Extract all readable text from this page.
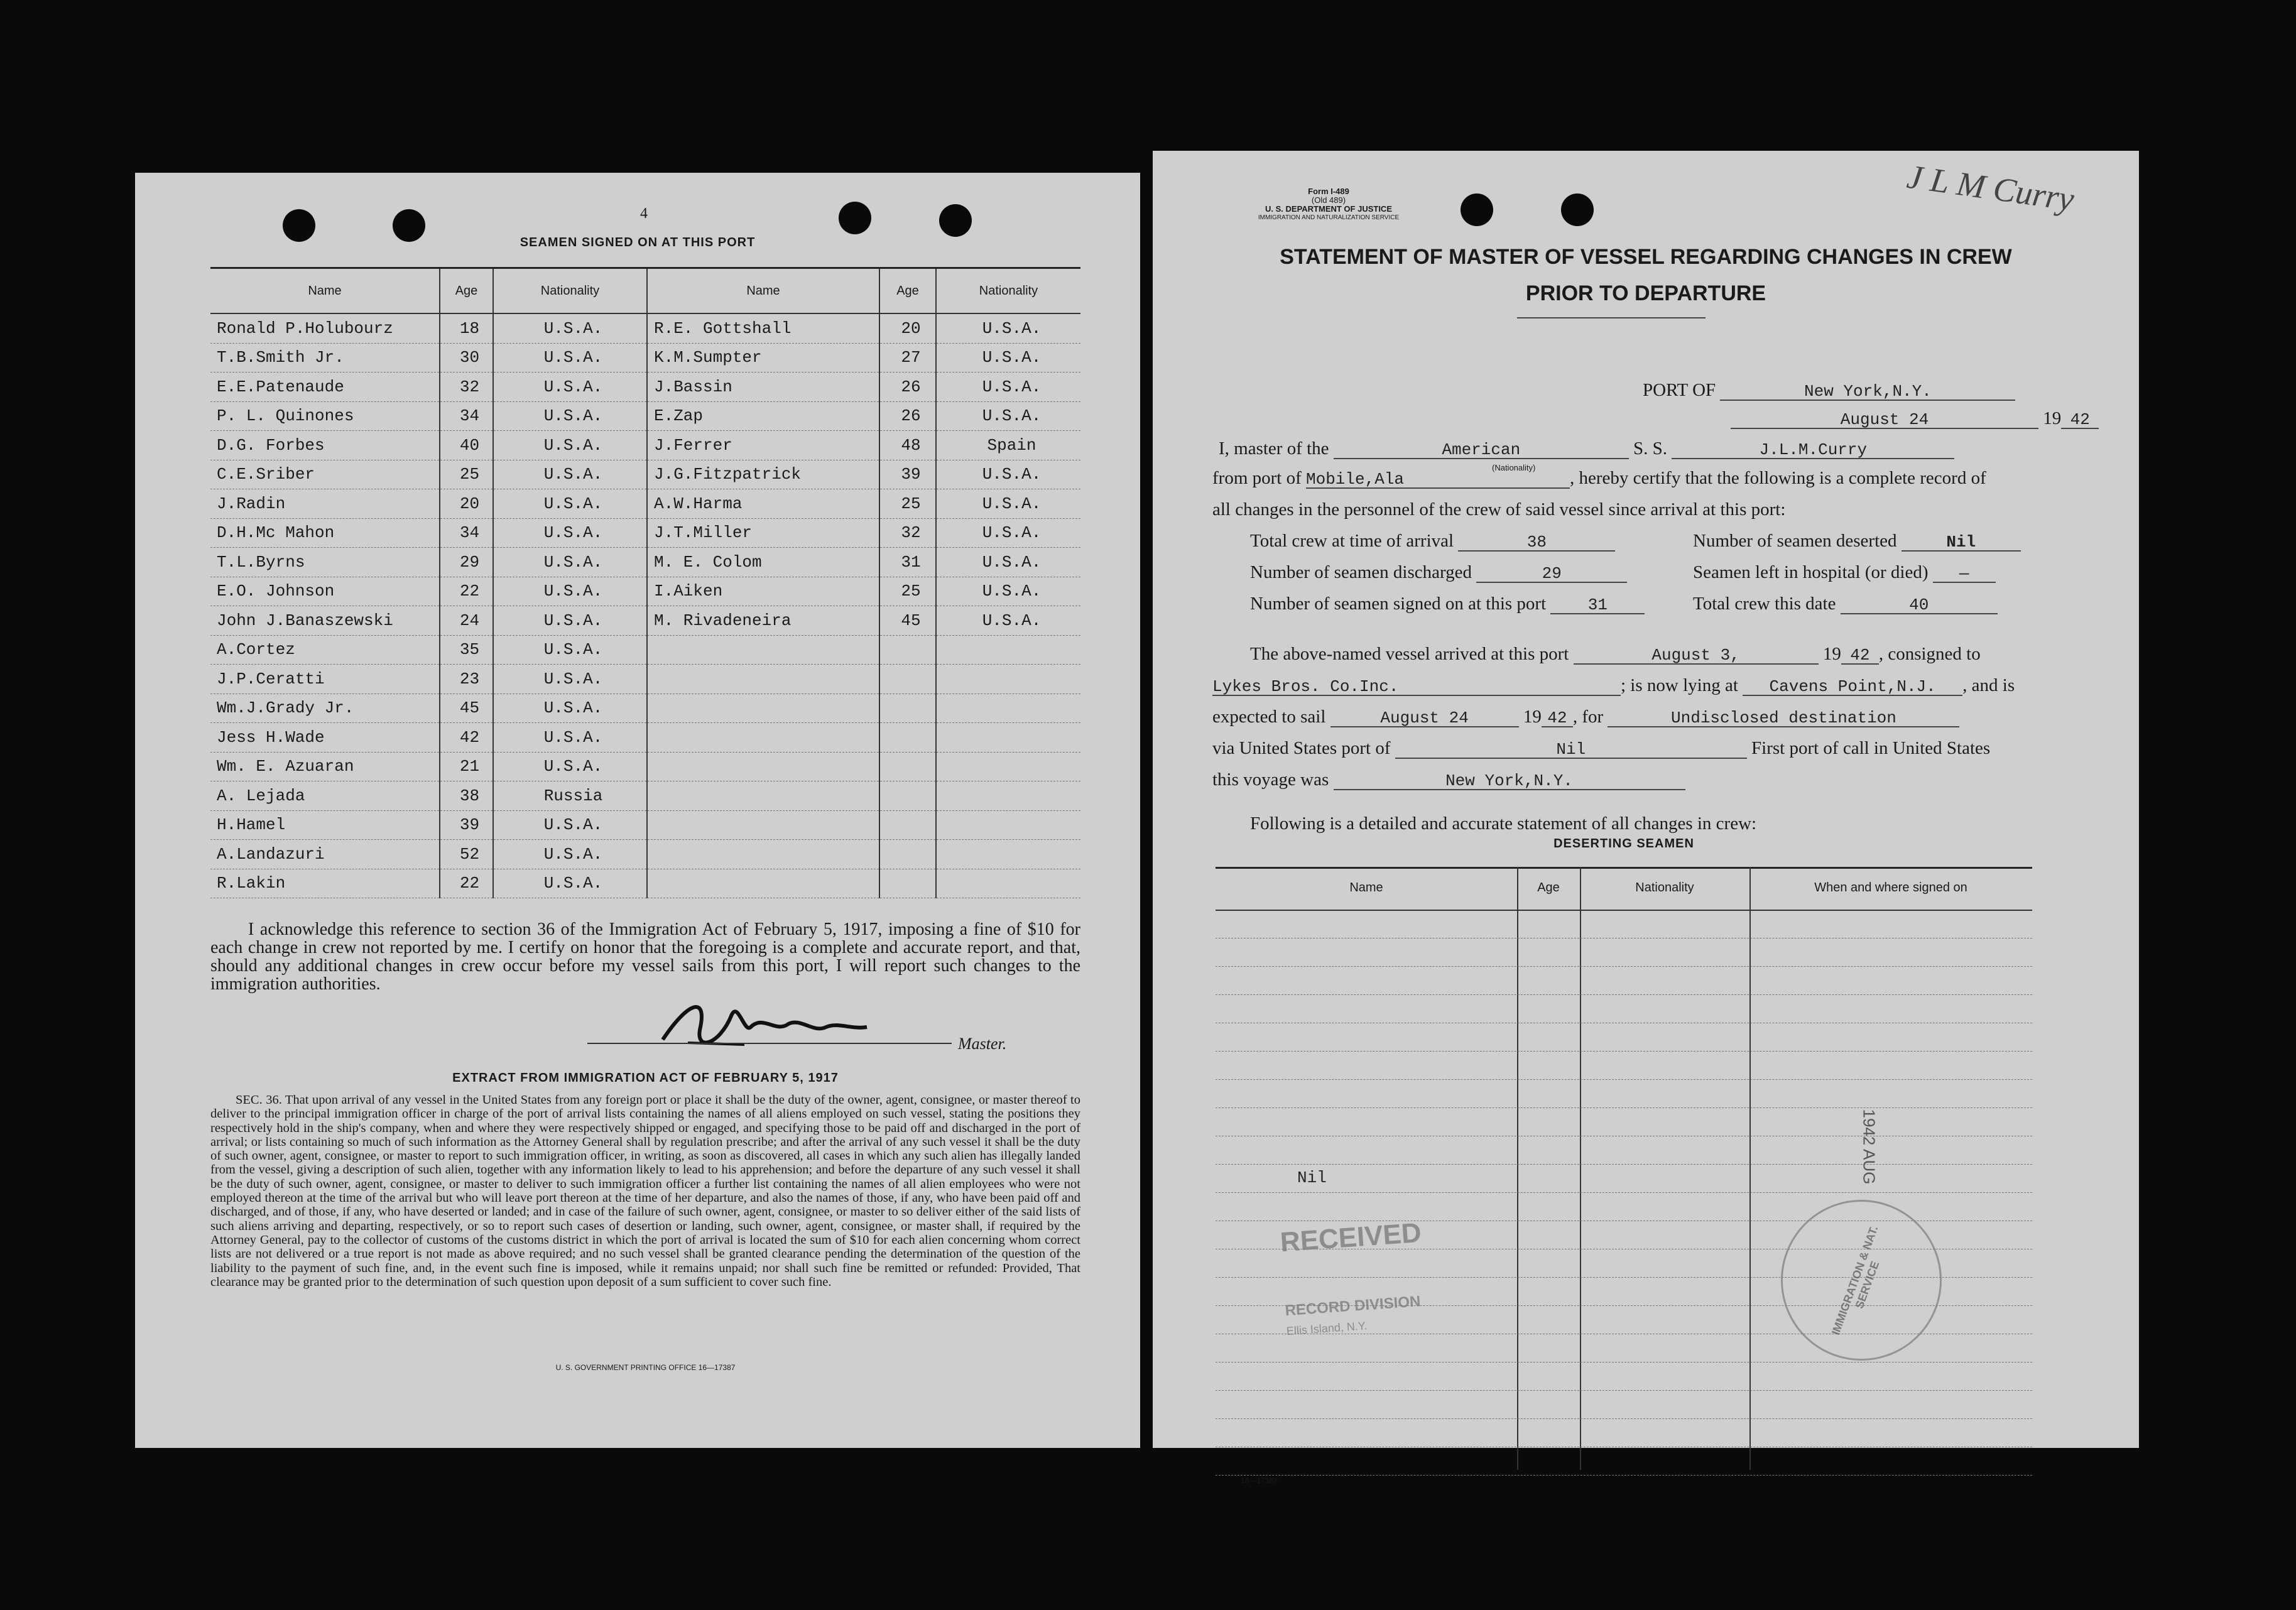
4
SEAMEN SIGNED ON AT THIS PORT
Name	Age	Nationality	Name	Age	Nationality
Ronald P.Holubourz	18	U.S.A.	R.E. Gottshall	20	U.S.A.
T.B.Smith Jr.	30	U.S.A.	K.M.Sumpter	27	U.S.A.
E.E.Patenaude	32	U.S.A.	J.Bassin	26	U.S.A.
P. L. Quinones	34	U.S.A.	E.Zap	26	U.S.A.
D.G. Forbes	40	U.S.A.	J.Ferrer	48	Spain
C.E.Sriber	25	U.S.A.	J.G.Fitzpatrick	39	U.S.A.
J.Radin	20	U.S.A.	A.W.Harma	25	U.S.A.
D.H.Mc Mahon	34	U.S.A.	J.T.Miller	32	U.S.A.
T.L.Byrns	29	U.S.A.	M. E. Colom	31	U.S.A.
E.O. Johnson	22	U.S.A.	I.Aiken	25	U.S.A.
John J.Banaszewski	24	U.S.A.	M. Rivadeneira	45	U.S.A.
A.Cortez	35	U.S.A.			
J.P.Ceratti	23	U.S.A.			
Wm.J.Grady Jr.	45	U.S.A.			
Jess H.Wade	42	U.S.A.			
Wm. E. Azuaran	21	U.S.A.			
A. Lejada	38	Russia			
H.Hamel	39	U.S.A.			
A.Landazuri	52	U.S.A.			
R.Lakin	22	U.S.A.			
I acknowledge this reference to section 36 of the Immigration Act of February 5, 1917, imposing a fine of $10 for each change in crew not reported by me. I certify on honor that the foregoing is a complete and accurate report, and that, should any additional changes in crew occur before my vessel sails from this port, I will report such changes to the immigration authorities.
Master.
EXTRACT FROM IMMIGRATION ACT OF FEBRUARY 5, 1917
SEC. 36. That upon arrival of any vessel in the United States from any foreign port or place it shall be the duty of the owner, agent, consignee, or master thereof to deliver to the principal immigration officer in charge of the port of arrival lists containing the names of all aliens employed on such vessel, stating the positions they respectively hold in the ship's company, when and where they were respectively shipped or engaged, and specifying those to be paid off and discharged in the port of arrival; or lists containing so much of such information as the Attorney General shall by regulation prescribe; and after the arrival of any such vessel it shall be the duty of such owner, agent, consignee, or master to report to such immigration officer, in writing, as soon as discovered, all cases in which any such alien has illegally landed from the vessel, giving a description of such alien, together with any information likely to lead to his apprehension; and before the departure of any such vessel it shall be the duty of such owner, agent, consignee, or master to deliver to such immigration officer a further list containing the names of all alien employees who were not employed thereon at the time of the arrival but who will leave port thereon at the time of her departure, and also the names of those, if any, who have been paid off and discharged, and of those, if any, who have deserted or landed; and in case of the failure of such owner, agent, consignee, or master to so deliver either of the said lists of such aliens arriving and departing, respectively, or so to report such cases of desertion or landing, such owner, agent, consignee, or master shall, if required by the Attorney General, pay to the collector of customs of the customs district in which the port of arrival is located the sum of $10 for each alien concerning whom correct lists are not delivered or a true report is not made as above required; and no such vessel shall be granted clearance pending the determination of the question of the liability to the payment of such fine, and, in the event such fine is imposed, while it remains unpaid; nor shall such fine be remitted or refunded: Provided, That clearance may be granted prior to the determination of such question upon deposit of a sum sufficient to cover such fine.
U. S. GOVERNMENT PRINTING OFFICE 16—17387
Form I-489
(Old 489)
U. S. DEPARTMENT OF JUSTICE
IMMIGRATION AND NATURALIZATION SERVICE	J L M Curry
STATEMENT OF MASTER OF VESSEL REGARDING CHANGES IN CREW
PRIOR TO DEPARTURE
PORT OF	New York,N.Y.
August 24	19 42
I, master of the	American	S. S.	J.L.M.Curry
(Nationality)
from port of Mobile,Ala	, hereby certify that the following is a complete record of
all changes in the personnel of the crew of said vessel since arrival at this port:
Total crew at time of arrival	38	Number of seamen deserted	Nil
Number of seamen discharged	29	Seamen left in hospital (or died) —
Number of seamen signed on at this port	31	Total crew this date	40
The above-named vessel arrived at this port	August 3,	19 42 , consigned to
Lykes Bros. Co.Inc.	; is now lying at Cavens Point,N.J. , and is
expected to sail	August 24	19 42 , for	Undisclosed destination
via United States port of	Nil	First port of call in United States
this voyage was	New York,N.Y.
Following is a detailed and accurate statement of all changes in crew:
DESERTING SEAMEN
Name	Age	Nationality	When and where signed on
Nil
RECEIVED
RECORD DIVISION
Ellis Island, N.Y.	IMMIGRATION & NAT. SERVICE
1942 AUG
16—17387
